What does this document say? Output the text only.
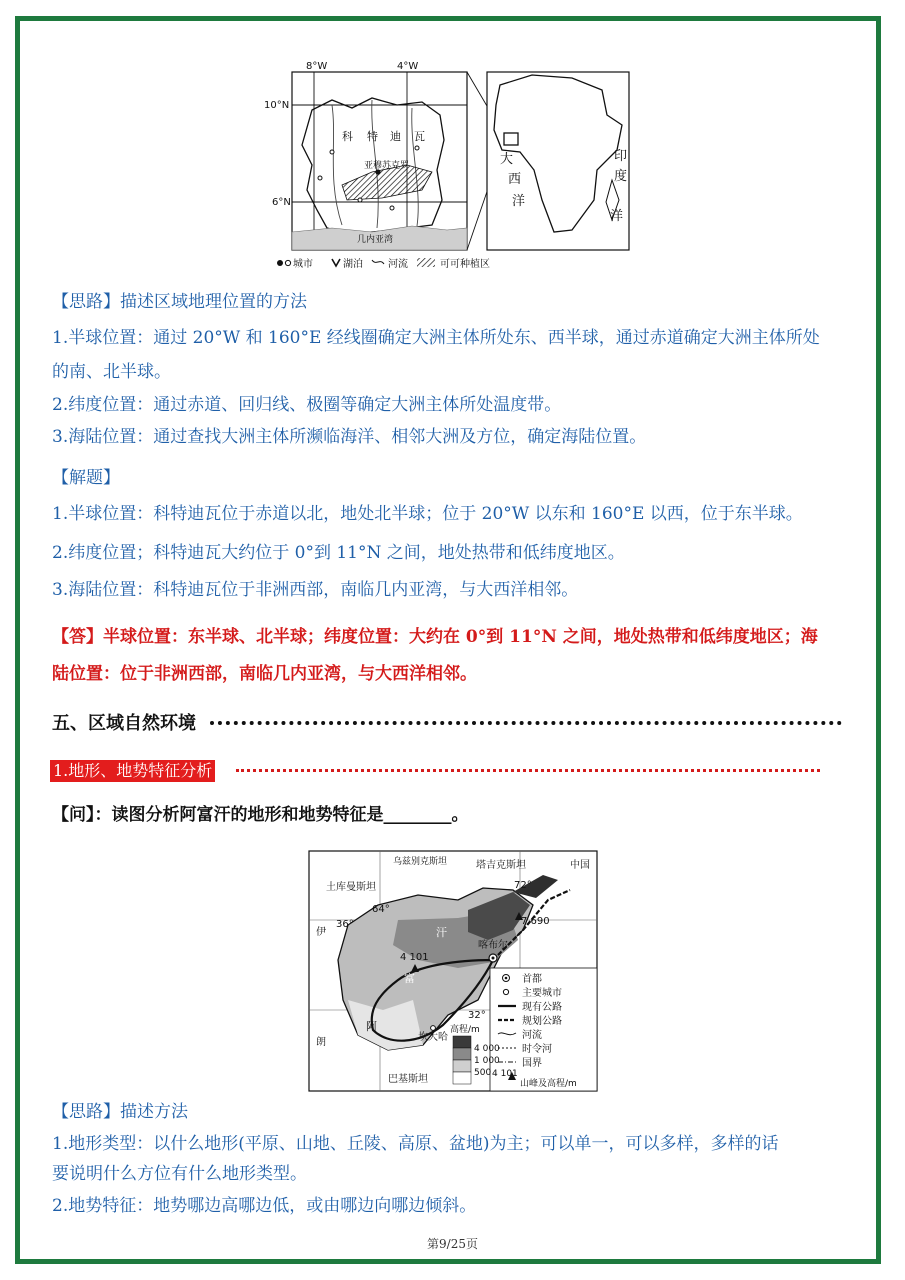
8°W	4°W
10°N
6°N
科 特 迪 瓦
亚穆苏克罗
几内亚湾
大
西
洋
印
度
洋
城市	湖泊	河流	可可种植区
【思路】描述区域地理位置的方法
1.半球位置：通过 20°W 和 160°E 经线圈确定大洲主体所处东、西半球，通过赤道确定大洲主体所处
的南、北半球。
2.纬度位置：通过赤道、回归线、极圈等确定大洲主体所处温度带。
3.海陆位置：通过查找大洲主体所濒临海洋、相邻大洲及方位，确定海陆位置。
【解题】
1.半球位置：科特迪瓦位于赤道以北，地处北半球；位于 20°W 以东和 160°E 以西，位于东半球。
2.纬度位置；科特迪瓦大约位于 0°到 11°N 之间，地处热带和低纬度地区。
3.海陆位置：科特迪瓦位于非洲西部，南临几内亚湾，与大西洋相邻。
【答】半球位置：东半球、北半球；纬度位置：大约在 0°到 11°N 之间，地处热带和低纬度地区；海
陆位置：位于非洲西部，南临几内亚湾，与大西洋相邻。
五、区域自然环境
1.地形、地势特征分析
【问】：读图分析阿富汗的地形和地势特征是________。
乌兹别克斯坦	塔吉克斯坦	中国
土库曼斯坦
64°
72°
36°
32°
7 690
4 101
喀布尔
坎大哈
巴基斯坦
伊
朗
阿
富
汗
首都
主要城市
现有公路
规划公路
河流
时令河
国界
4 101
山峰及高程/m
高程/m
4 000
1 000
500
【思路】描述方法
1.地形类型：以什么地形(平原、山地、丘陵、高原、盆地)为主；可以单一，可以多样，多样的话
要说明什么方位有什么地形类型。
2.地势特征：地势哪边高哪边低，或由哪边向哪边倾斜。
第9/25页
